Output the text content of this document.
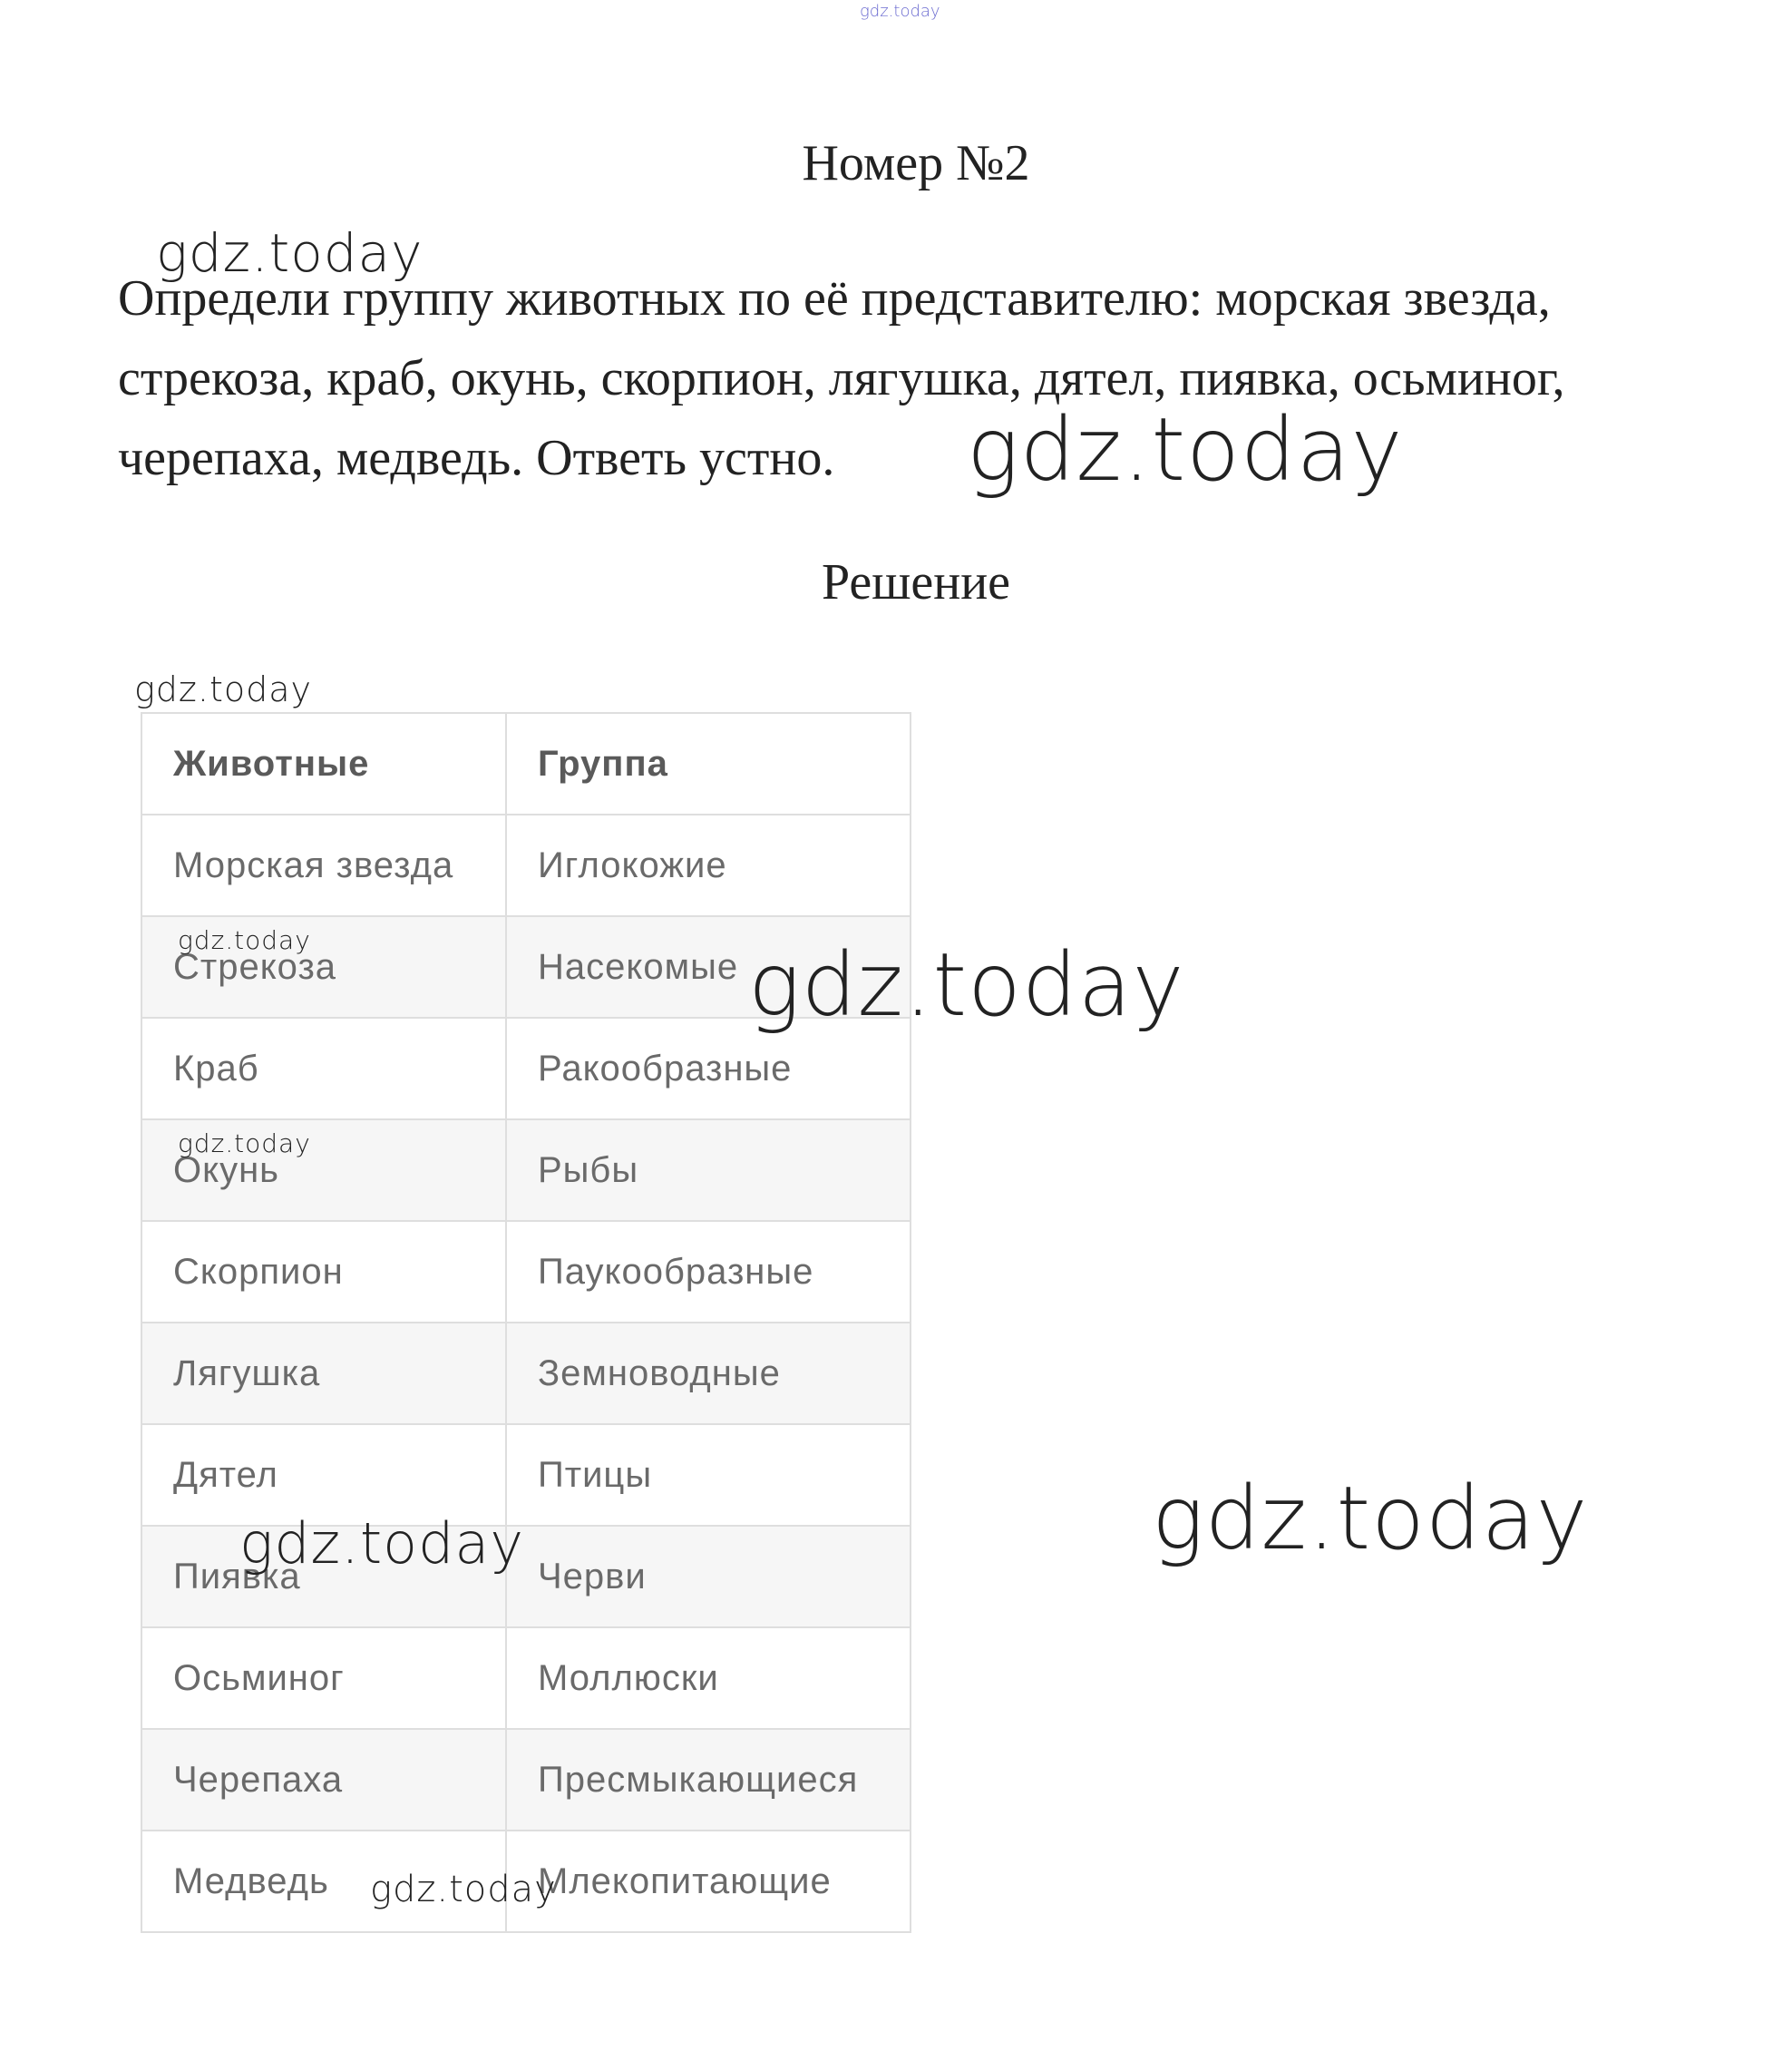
gdz.today
Номер №2
Определи группу животных по её представителю: морская звезда, стрекоза, краб, окунь, скорпион, лягушка, дятел, пиявка, осьминог, черепаха, медведь. Ответь устно.
Решение
Животные	Группа
Морская звезда	Иглокожие
Стрекоза	Насекомые
Краб	Ракообразные
Окунь	Рыбы
Скорпион	Паукообразные
Лягушка	Земноводные
Дятел	Птицы
Пиявка	Черви
Осьминог	Моллюски
Черепаха	Пресмыкающиеся
Медведь	Млекопитающие
gdz.today
gdz.today
gdz.today
gdz.today	gdz.today
gdz.today
gdz.today
gdz.today
gdz.today
